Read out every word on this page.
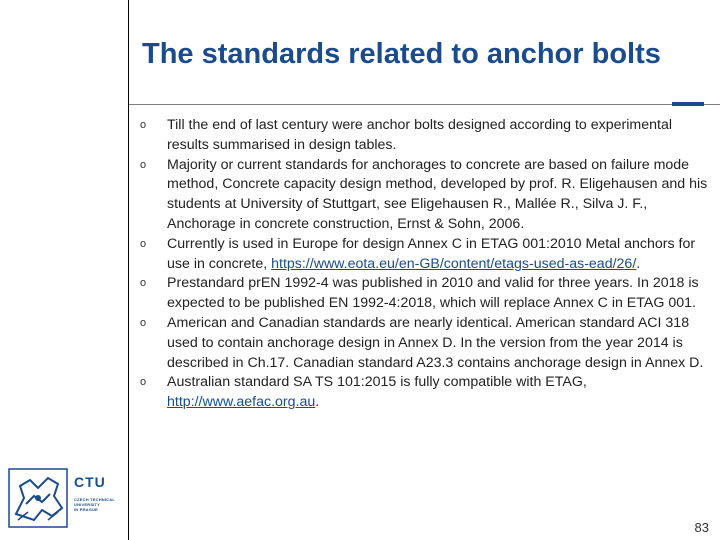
The standards related to anchor bolts
o Till the end of last century were anchor bolts designed according to experimental results summarised in design tables.
o Majority or current standards for anchorages to concrete are based on failure mode method, Concrete capacity design method, developed by prof. R. Eligehausen and his students at University of Stuttgart, see Eligehausen R., Mallée R., Silva J. F., Anchorage in concrete construction, Ernst & Sohn, 2006.
o Currently is used in Europe for design Annex C in ETAG 001:2010 Metal anchors for use in concrete, https://www.eota.eu/en-GB/content/etags-used-as-ead/26/.
o Prestandard prEN 1992-4 was published in 2010 and valid for three years. In 2018 is expected to be published EN 1992-4:2018, which will replace Annex C in ETAG 001.
o American and Canadian standards are nearly identical. American standard ACI 318 used to contain anchorage design in Annex D. In the version from the year 2014 is described in Ch.17. Canadian standard A23.3 contains anchorage design in Annex D.
o Australian standard SA TS 101:2015 is fully compatible with ETAG, http://www.aefac.org.au.
CTU
CZECH TECHNICAL
UNIVERSITY
IN PRAGUE
83
